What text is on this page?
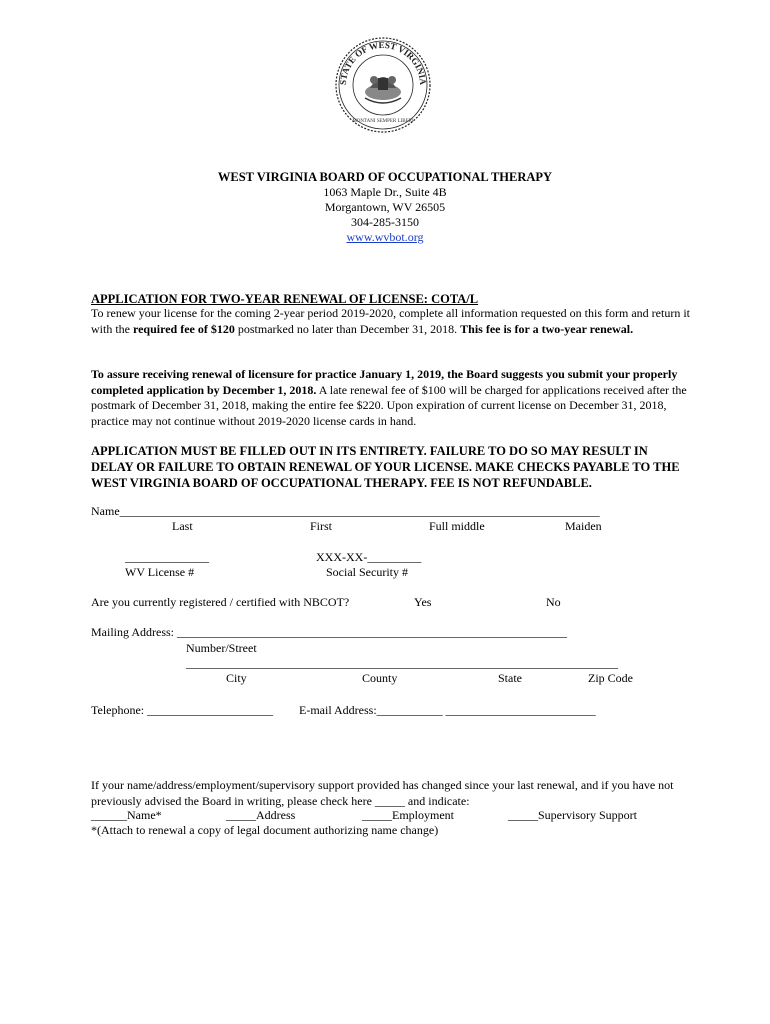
STATE OF WEST VIRGINIA
MONTANI SEMPER LIBERI
WEST VIRGINIA BOARD OF OCCUPATIONAL THERAPY
1063 Maple Dr., Suite 4B
Morgantown, WV 26505
304-285-3150
www.wvbot.org
APPLICATION FOR TWO-YEAR RENEWAL OF LICENSE: COTA/L
To renew your license for the coming 2-year period 2019-2020, complete all information requested on this form and return it with the required fee of $120 postmarked no later than December 31, 2018. This fee is for a two-year renewal.
To assure receiving renewal of licensure for practice January 1, 2019, the Board suggests you submit your properly completed application by December 1, 2018. A late renewal fee of $100 will be charged for applications received after the postmark of December 31, 2018, making the entire fee $220. Upon expiration of current license on December 31, 2018, practice may not continue without 2019-2020 license cards in hand.
APPLICATION MUST BE FILLED OUT IN ITS ENTIRETY. FAILURE TO DO SO MAY RESULT IN DELAY OR FAILURE TO OBTAIN RENEWAL OF YOUR LICENSE. MAKE CHECKS PAYABLE TO THE WEST VIRGINIA BOARD OF OCCUPATIONAL THERAPY. FEE IS NOT REFUNDABLE.
Name________________________________________________________________________________
Last	First	Full middle	Maiden
______________	XXX-XX-_________
WV License #	Social Security #
Are you currently registered / certified with NBCOT?	Yes	No
Mailing Address: _________________________________________________________________
Number/Street
________________________________________________________________________
City	County	State	Zip Code
Telephone: _____________________ E-mail Address:___________ _________________________
If your name/address/employment/supervisory support provided has changed since your last renewal, and if you have not previously advised the Board in writing, please check here _____ and indicate:
______Name*	_____Address	_____Employment	_____Supervisory Support
*(Attach to renewal a copy of legal document authorizing name change)
